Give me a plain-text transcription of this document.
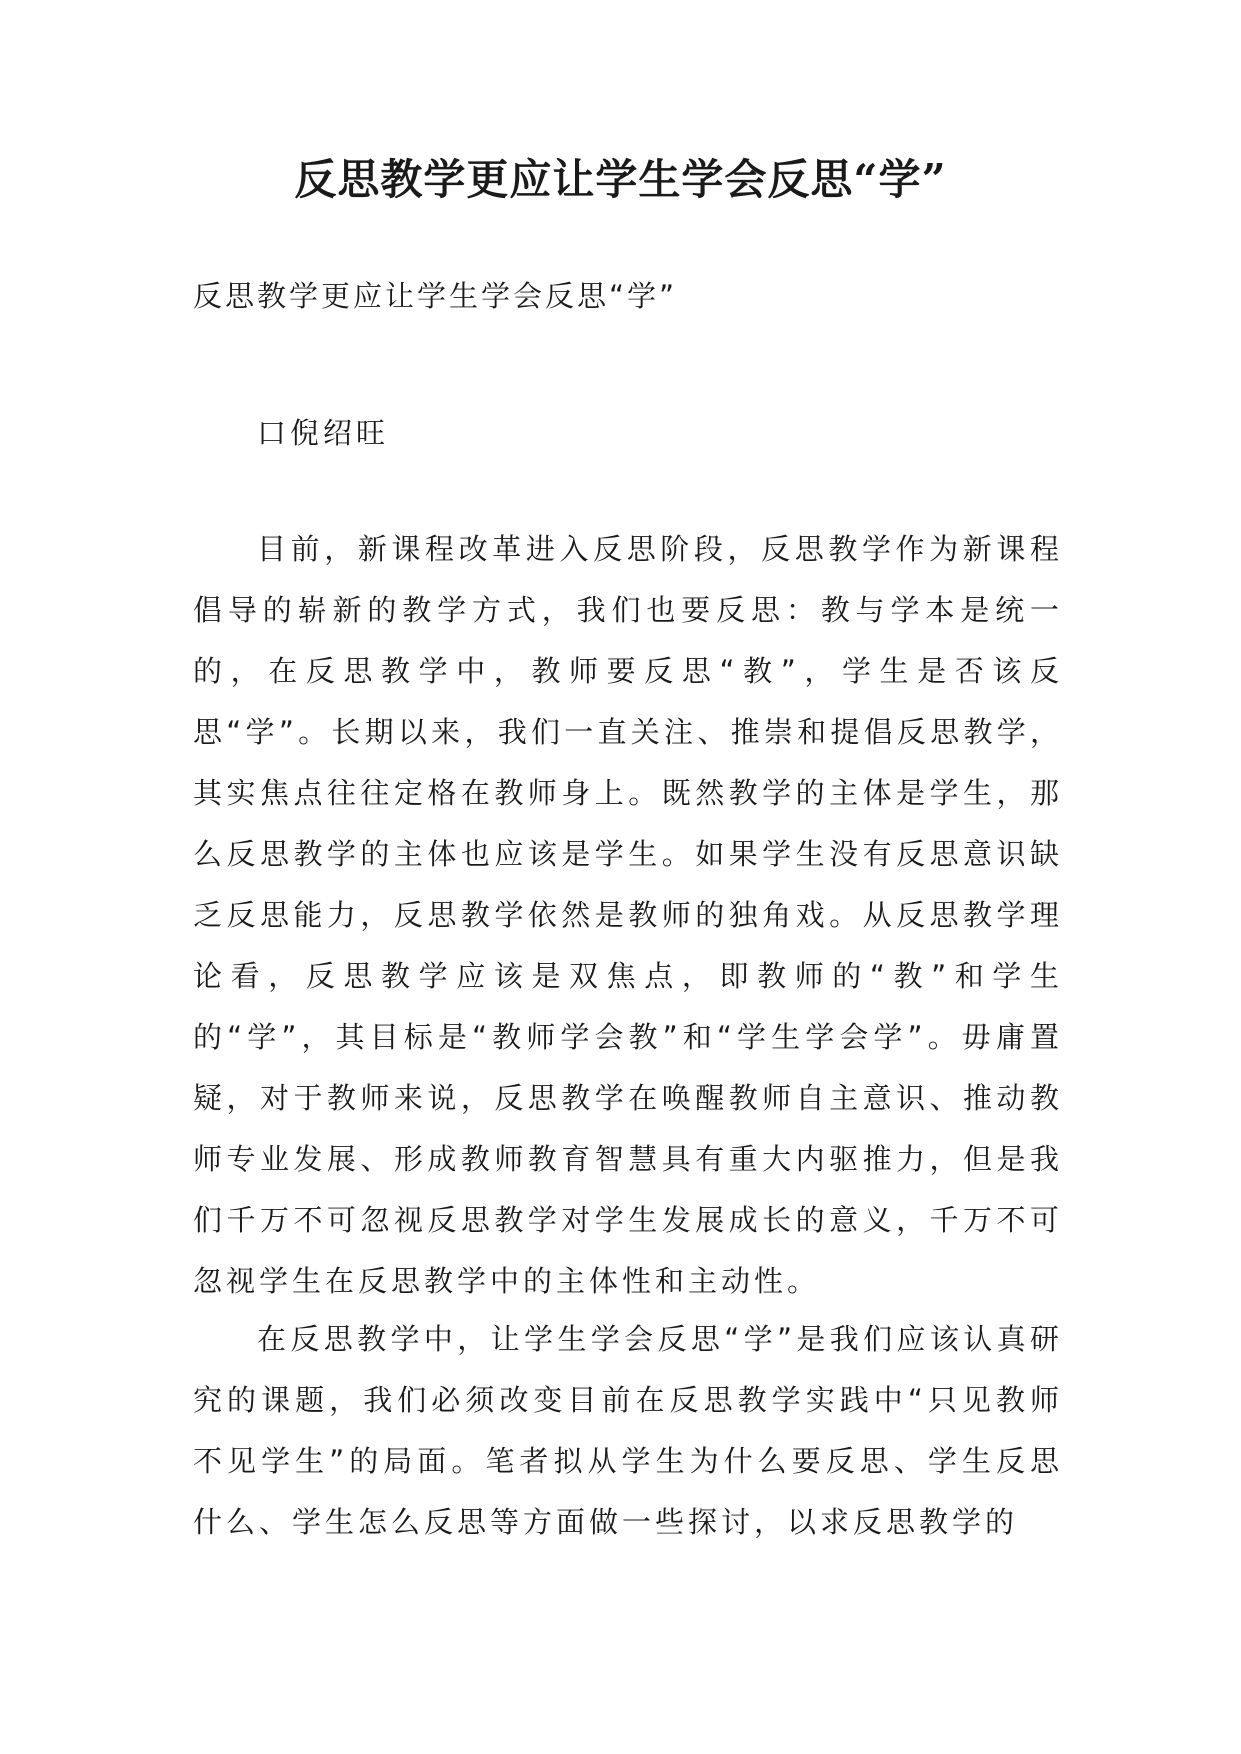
反思教学更应让学生学会反思“学”

反思教学更应让学生学会反思“学”

口倪绍旺

目前，新课程改革进入反思阶段，反思教学作为新课程倡导的崭新的教学方式，我们也要反思：教与学本是统一的，在反思教学中，教师要反思“教”，学生是否该反思“学”。长期以来，我们一直关注、推崇和提倡反思教学，其实焦点往往定格在教师身上。既然教学的主体是学生，那么反思教学的主体也应该是学生。如果学生没有反思意识缺乏反思能力，反思教学依然是教师的独角戏。从反思教学理论看，反思教学应该是双焦点，即教师的“教”和学生的“学”，其目标是“教师学会教”和“学生学会学”。毋庸置疑，对于教师来说，反思教学在唤醒教师自主意识、推动教师专业发展、形成教师教育智慧具有重大内驱推力，但是我们千万不可忽视反思教学对学生发展成长的意义，千万不可忽视学生在反思教学中的主体性和主动性。

在反思教学中，让学生学会反思“学”是我们应该认真研究的课题，我们必须改变目前在反思教学实践中“只见教师不见学生”的局面。笔者拟从学生为什么要反思、学生反思什么、学生怎么反思等方面做一些探讨，以求反思教学的
